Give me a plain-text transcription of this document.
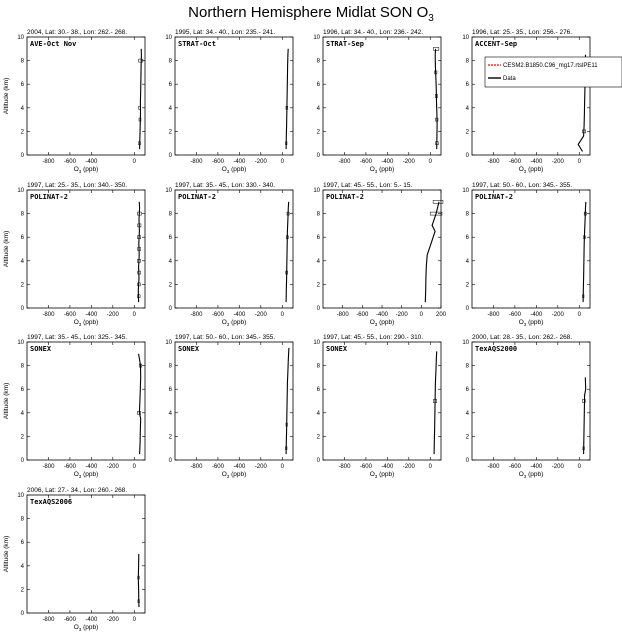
Northern Hemisphere Midlat SON $O_3$
2004, Lat: 30.- 38., Lon: 262.- 268.
0
2
4
6
8
10
-800 -600 -400	0
$O_3$ (ppb)
Altitude (km)
AVE-Oct Nov
1995, Lat: 34.- 40., Lon: 235.- 241.
0
2
4
6
8
10
-800 -600 -400 -200 0
$O_3$ (ppb)
STRAT-Oct
1996, Lat: 34.- 40., Lon: 236.- 242.
0
2
4
6
8
10
-800 -600 -400 -200 0
$O_3$ (ppb)
STRAT-Sep
1996, Lat: 25.- 35., Lon: 256.- 276.
0
2
4
6
8
10
-800 -600 -400 -200 0
$O_3$ (ppb)
ACCENT-Sep
1997, Lat: 25.- 35., Lon: 340.- 350.
0
2
4
6
8
10
-800 -600 -400 -200 0
$O_3$ (ppb)
Altitude (km)
POLINAT-2
1997, Lat: 35.- 45., Lon: 330.- 340.
0
2
4
6
8
10
-800 -600 -400 -200 0
$O_3$ (ppb)
POLINAT-2
1997, Lat: 45.- 55., Lon: 5.- 15.
0
2
4
6
8
10
-800 -600 -400 -200 0 200
$O_3$ (ppb)
POLINAT-2
1997, Lat: 50.- 60., Lon: 345.- 355.
0
2
4
6
8
10
-800 -600 -400 -200 0
$O_3$ (ppb)
POLINAT-2
1997, Lat: 35.- 45., Lon: 325.- 345.
0
2
4
6
8
10
-800 -600 -400 -200 0
$O_3$ (ppb)
Altitude (km)
SONEX
1997, Lat: 50.- 60., Lon: 345.- 355.
0
2
4
6
8
10
-800 -600 -400 -200 0
$O_3$ (ppb)
SONEX
1997, Lat: 45.- 55., Lon: 290.- 310.
0
2
4
6
8
10
-800 -600 -400 -200 0
$O_3$ (ppb)
SONEX
2000, Lat: 28.- 35., Lon: 262.- 268.
0
2
4
6
8
10
-800 -600 -400 -200 0
$O_3$ (ppb)
TexAQS2000
2006, Lat: 27.- 34., Lon: 260.- 268.
0
2
4
6
8
10
-800 -600 -400 -200 0
$O_3$ (ppb)
Altitude (km)
TexAQS2006
CESM2.B1850.C96_mg17.rtslPE11
Data
